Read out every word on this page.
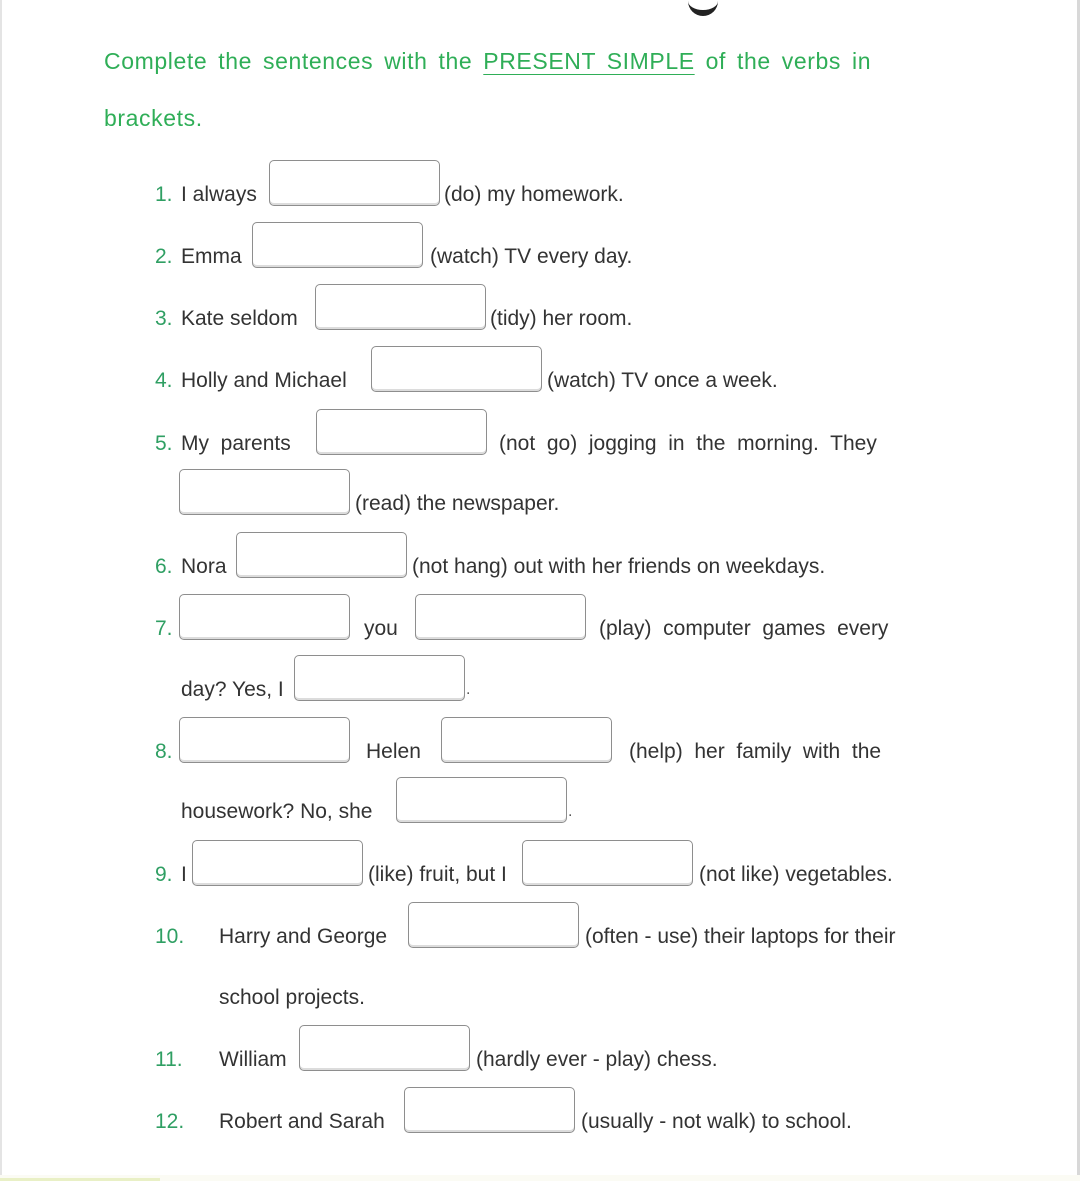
Complete the sentences with the PRESENT SIMPLE of the verbs in
brackets.
1. I always	(do) my homework.
2. Emma	(watch) TV every day.
3. Kate seldom	(tidy) her room.
4. Holly and Michael	(watch) TV once a week.
5. My  parents	(not  go)  jogging  in  the  morning.  They
(read) the newspaper.
6. Nora	(not hang) out with her friends on weekdays.
7.	you	(play)  computer  games  every
day? Yes, I	.
8.	Helen	(help)  her  family  with  the
housework? No, she	.
9. I	(like) fruit, but I	(not like) vegetables.
10. Harry and George	(often - use) their laptops for their
school projects.
11. William	(hardly ever - play) chess.
12. Robert and Sarah	(usually - not walk) to school.
